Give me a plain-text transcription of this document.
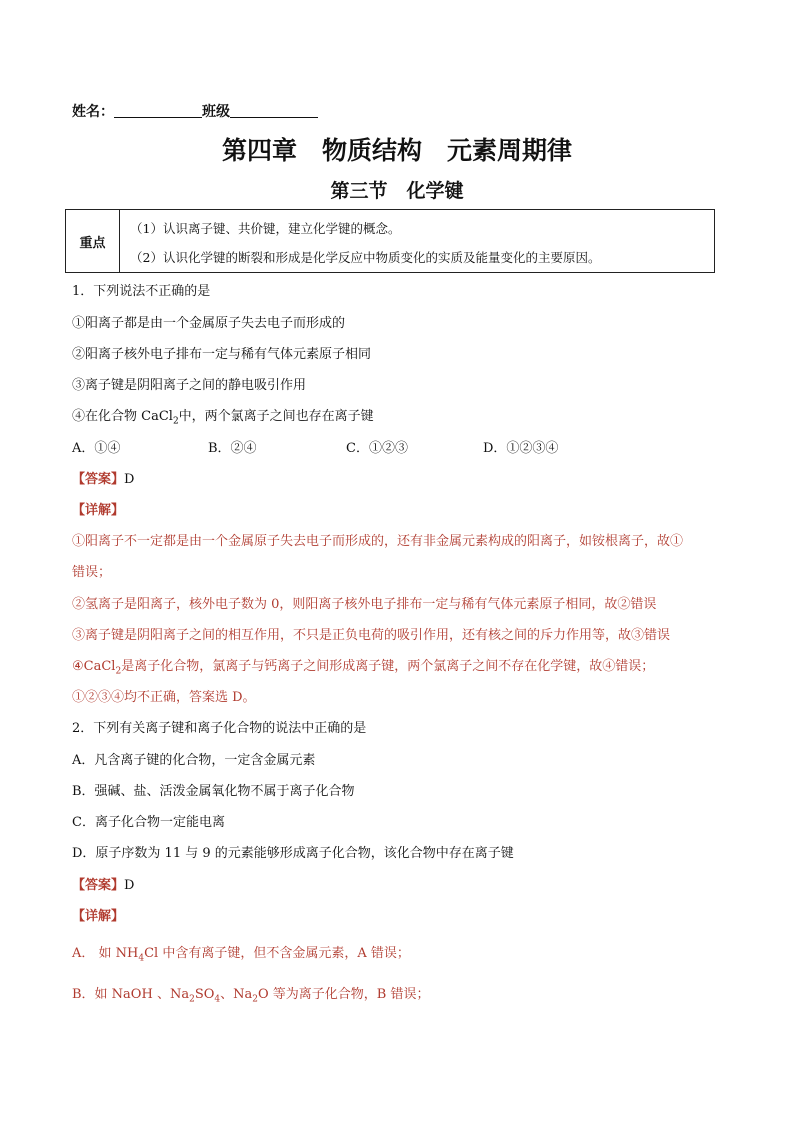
姓名：	班级
第四章　物质结构　元素周期律
第三节　化学键
重点
（1）认识离子键、共价键，建立化学键的概念。
（2）认识化学键的断裂和形成是化学反应中物质变化的实质及能量变化的主要原因。
1．下列说法不正确的是
①阳离子都是由一个金属原子失去电子而形成的
②阳离子核外电子排布一定与稀有气体元素原子相同
③离子键是阴阳离子之间的静电吸引作用
④在化合物 CaCl$_2$中，两个氯离子之间也存在离子键
A．①④	B．②④	C．①②③	D．①②③④
【答案】D
【详解】
①阳离子不一定都是由一个金属原子失去电子而形成的，还有非金属元素构成的阳离子，如铵根离子，故①
错误；
②氢离子是阳离子，核外电子数为 0，则阳离子核外电子排布一定与稀有气体元素原子相同，故②错误
③离子键是阴阳离子之间的相互作用，不只是正负电荷的吸引作用，还有核之间的斥力作用等，故③错误
④CaCl$_2$是离子化合物，氯离子与钙离子之间形成离子键，两个氯离子之间不存在化学键，故④错误；
①②③④均不正确，答案选 D。
2．下列有关离子键和离子化合物的说法中正确的是
A．凡含离子键的化合物，一定含金属元素
B．强碱、盐、活泼金属氧化物不属于离子化合物
C．离子化合物一定能电离
D．原子序数为 11 与 9 的元素能够形成离子化合物，该化合物中存在离子键
【答案】D
【详解】
A． 如 $NH_4Cl$ 中含有离子键，但不含金属元素，A 错误；
B．如 NaOH 、$Na_2SO_4$、$Na_2O$ 等为离子化合物，B 错误；
